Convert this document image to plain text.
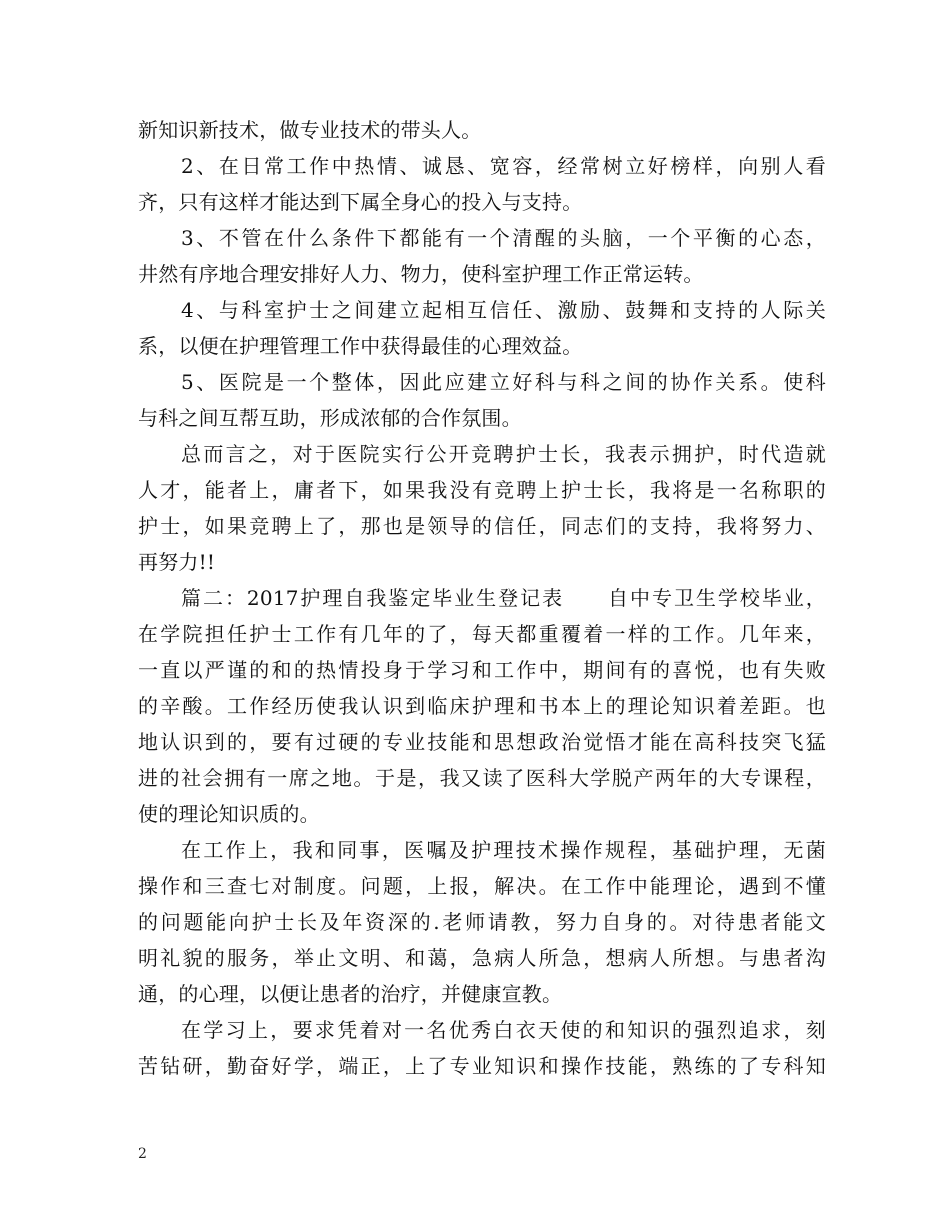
新知识新技术，做专业技术的带头人。
2、在日常工作中热情、诚恳、宽容，经常树立好榜样，向别人看
齐，只有这样才能达到下属全身心的投入与支持。
3、不管在什么条件下都能有一个清醒的头脑，一个平衡的心态，
井然有序地合理安排好人力、物力，使科室护理工作正常运转。
4、与科室护士之间建立起相互信任、激励、鼓舞和支持的人际关
系，以便在护理管理工作中获得最佳的心理效益。
5、医院是一个整体，因此应建立好科与科之间的协作关系。使科
与科之间互帮互助，形成浓郁的合作氛围。
总而言之，对于医院实行公开竞聘护士长，我表示拥护，时代造就
人才，能者上，庸者下，如果我没有竞聘上护士长，我将是一名称职的
护士，如果竞聘上了，那也是领导的信任，同志们的支持，我将努力、
再努力!!
篇二：2017护理自我鉴定毕业生登记表　　自中专卫生学校毕业，
在学院担任护士工作有几年的了，每天都重覆着一样的工作。几年来，
一直以严谨的和的热情投身于学习和工作中，期间有的喜悦，也有失败
的辛酸。工作经历使我认识到临床护理和书本上的理论知识着差距。也
地认识到的，要有过硬的专业技能和思想政治觉悟才能在高科技突飞猛
进的社会拥有一席之地。于是，我又读了医科大学脱产两年的大专课程，
使的理论知识质的。
在工作上，我和同事，医嘱及护理技术操作规程，基础护理，无菌
操作和三查七对制度。问题，上报，解决。在工作中能理论，遇到不懂
的问题能向护士长及年资深的.老师请教，努力自身的。对待患者能文
明礼貌的服务，举止文明、和蔼，急病人所急，想病人所想。与患者沟
通，的心理，以便让患者的治疗，并健康宣教。
在学习上，要求凭着对一名优秀白衣天使的和知识的强烈追求，刻
苦钻研，勤奋好学，端正，上了专业知识和操作技能，熟练的了专科知
2
